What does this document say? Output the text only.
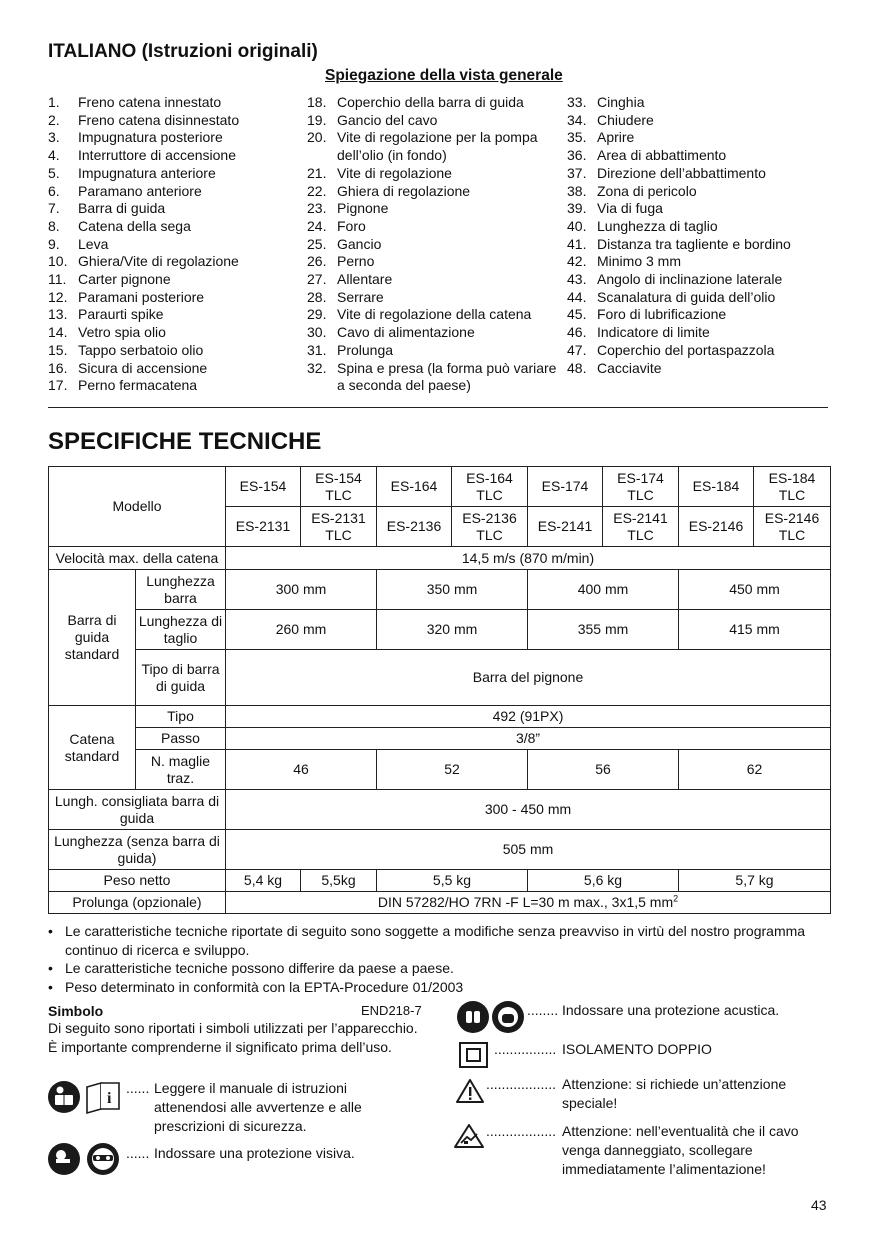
ITALIANO (Istruzioni originali)
Spiegazione della vista generale
1. Freno catena innestato
2. Freno catena disinnestato
3. Impugnatura posteriore
4. Interruttore di accensione
5. Impugnatura anteriore
6. Paramano anteriore
7. Barra di guida
8. Catena della sega
9. Leva
10. Ghiera/Vite di regolazione
11. Carter pignone
12. Paramani posteriore
13. Paraurti spike
14. Vetro spia olio
15. Tappo serbatoio olio
16. Sicura di accensione
17. Perno fermacatena
18. Coperchio della barra di guida
19. Gancio del cavo
20. Vite di regolazione per la pompa dell’olio (in fondo)
21. Vite di regolazione
22. Ghiera di regolazione
23. Pignone
24. Foro
25. Gancio
26. Perno
27. Allentare
28. Serrare
29. Vite di regolazione della catena
30. Cavo di alimentazione
31. Prolunga
32. Spina e presa (la forma può variare a seconda del paese)
33. Cinghia
34. Chiudere
35. Aprire
36. Area di abbattimento
37. Direzione dell’abbattimento
38. Zona di pericolo
39. Via di fuga
40. Lunghezza di taglio
41. Distanza tra tagliente e bordino
42. Minimo 3 mm
43. Angolo di inclinazione laterale
44. Scanalatura di guida dell’olio
45. Foro di lubrificazione
46. Indicatore di limite
47. Coperchio del portaspazzola
48. Cacciavite
SPECIFICHE TECNICHE
Modello		ES-154	ES-154 TLC	ES-164	ES-164 TLC	ES-174	ES-174 TLC	ES-184	ES-184 TLC
		ES-2131	ES-2131 TLC	ES-2136	ES-2136 TLC	ES-2141	ES-2141 TLC	ES-2146	ES-2146 TLC
Velocità max. della catena		14,5 m/s (870 m/min)							
Barra di guida standard	Lunghezza barra	300 mm		350 mm		400 mm		450 mm	
	Lunghezza di taglio	260 mm		320 mm		355 mm		415 mm	
	Tipo di barra di guida	Barra del pignone							
Catena standard	Tipo	492 (91PX)							
	Passo	3/8”							
	N. maglie traz.	46		52		56		62	
Lungh. consigliata barra di guida		300 - 450 mm							
Lunghezza (senza barra di guida)		505 mm							
Peso netto		5,4 kg	5,5kg	5,5 kg		5,6 kg		5,7 kg	
Prolunga (opzionale)		DIN 57282/HO 7RN -F L=30 m max., 3x1,5 $mm^2$
• Le caratteristiche tecniche riportate di seguito sono soggette a modifiche senza preavviso in virtù del nostro programma continuo di ricerca e sviluppo.
• Le caratteristiche tecniche possono differire da paese a paese.
• Peso determinato in conformità con la EPTA-Procedure 01/2003
Simbolo	END218-7
Di seguito sono riportati i simboli utilizzati per l’apparecchio. È importante comprenderne il significato prima dell’uso.
i
...... Leggere il manuale di istruzioni attenendosi alle avvertenze e alle prescrizioni di sicurezza.
...... Indossare una protezione visiva.
........ Indossare una protezione acustica.
................ ISOLAMENTO DOPPIO
.................. Attenzione: si richiede un’attenzione speciale!
.................. Attenzione: nell’eventualità che il cavo venga danneggiato, scollegare immediatamente l’alimentazione!
43
